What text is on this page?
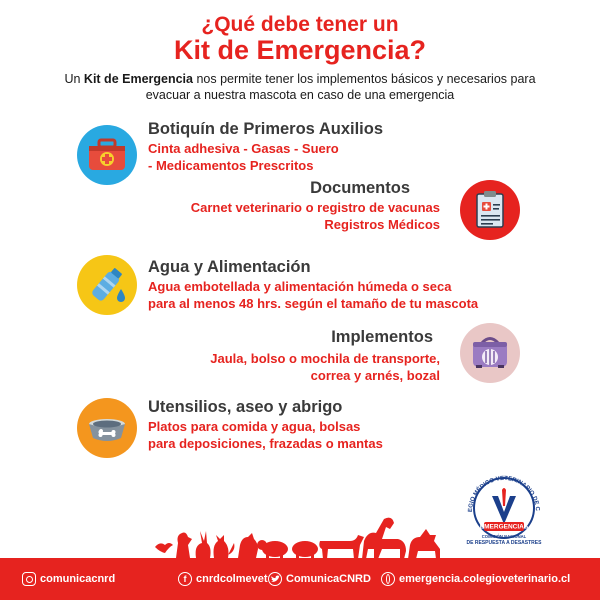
¿Qué debe tener un
Kit de Emergencia?
Un Kit de Emergencia nos permite tener los implementos básicos y necesarios para
evacuar a nuestra mascota en caso de una emergencia
Botiquín de Primeros Auxilios
Cinta adhesiva - Gasas - Suero
- Medicamentos Prescritos
Documentos
Carnet veterinario o registro de vacunas
Registros Médicos
Agua y Alimentación
Agua embotellada y alimentación húmeda o seca
para al menos 48 hrs. según el tamaño de tu mascota
Implementos
Jaula, bolso o mochila de transporte,
correa y arnés, bozal
Utensilios, aseo y abrigo
Platos para comida y agua, bolsas
para deposiciones, frazadas o mantas
EGIO MÉDICO VETERINARIO DE C
EMERGENCIAS
COMISIÓN NACIONAL
DE RESPUESTA A DESASTRES
comunicacnrd	f cnrdcolmevet ComunicaCNRD	emergencia.colegioveterinario.cl
